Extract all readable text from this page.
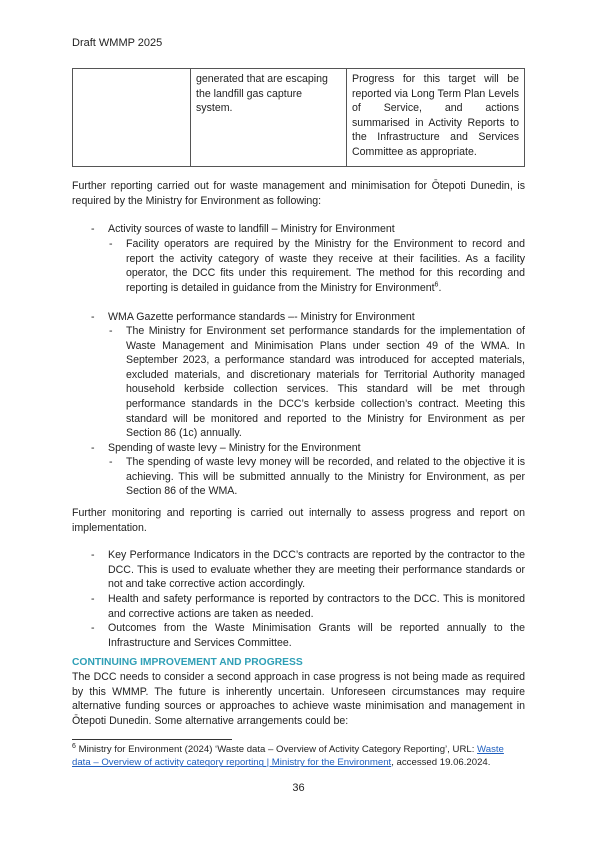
Draft WMMP 2025
	generated that are escaping the landfill gas capture system.	Progress for this target will be reported via Long Term Plan Levels of Service, and actions summarised in Activity Reports to the Infrastructure and Services Committee as appropriate.
Further reporting carried out for waste management and minimisation for Ōtepoti Dunedin, is required by the Ministry for Environment as following:
- Activity sources of waste to landfill – Ministry for Environment
- Facility operators are required by the Ministry for the Environment to record and report the activity category of waste they receive at their facilities. As a facility operator, the DCC fits under this requirement. The method for this recording and reporting is detailed in guidance from the Ministry for Environment$^6$.
- WMA Gazette performance standards –- Ministry for Environment
- The Ministry for Environment set performance standards for the implementation of Waste Management and Minimisation Plans under section 49 of the WMA. In September 2023, a performance standard was introduced for accepted materials, excluded materials, and discretionary materials for Territorial Authority managed household kerbside collection services. This standard will be met through performance standards in the DCC’s kerbside collection’s contract. Meeting this standard will be monitored and reported to the Ministry for Environment as per Section 86 (1c) annually.
- Spending of waste levy – Ministry for the Environment
- The spending of waste levy money will be recorded, and related to the objective it is achieving. This will be submitted annually to the Ministry for Environment, as per Section 86 of the WMA.
Further monitoring and reporting is carried out internally to assess progress and report on implementation.
- Key Performance Indicators in the DCC’s contracts are reported by the contractor to the DCC. This is used to evaluate whether they are meeting their performance standards or not and take corrective action accordingly.
- Health and safety performance is reported by contractors to the DCC. This is monitored and corrective actions are taken as needed.
- Outcomes from the Waste Minimisation Grants will be reported annually to the Infrastructure and Services Committee.
CONTINUING IMPROVEMENT AND PROGRESS
The DCC needs to consider a second approach in case progress is not being made as required by this WMMP. The future is inherently uncertain. Unforeseen circumstances may require alternative funding sources or approaches to achieve waste minimisation and management in Ōtepoti Dunedin. Some alternative arrangements could be:
$^6$ Ministry for Environment (2024) ‘Waste data – Overview of Activity Category Reporting’, URL: Waste data – Overview of activity category reporting | Ministry for the Environment, accessed 19.06.2024.
36
